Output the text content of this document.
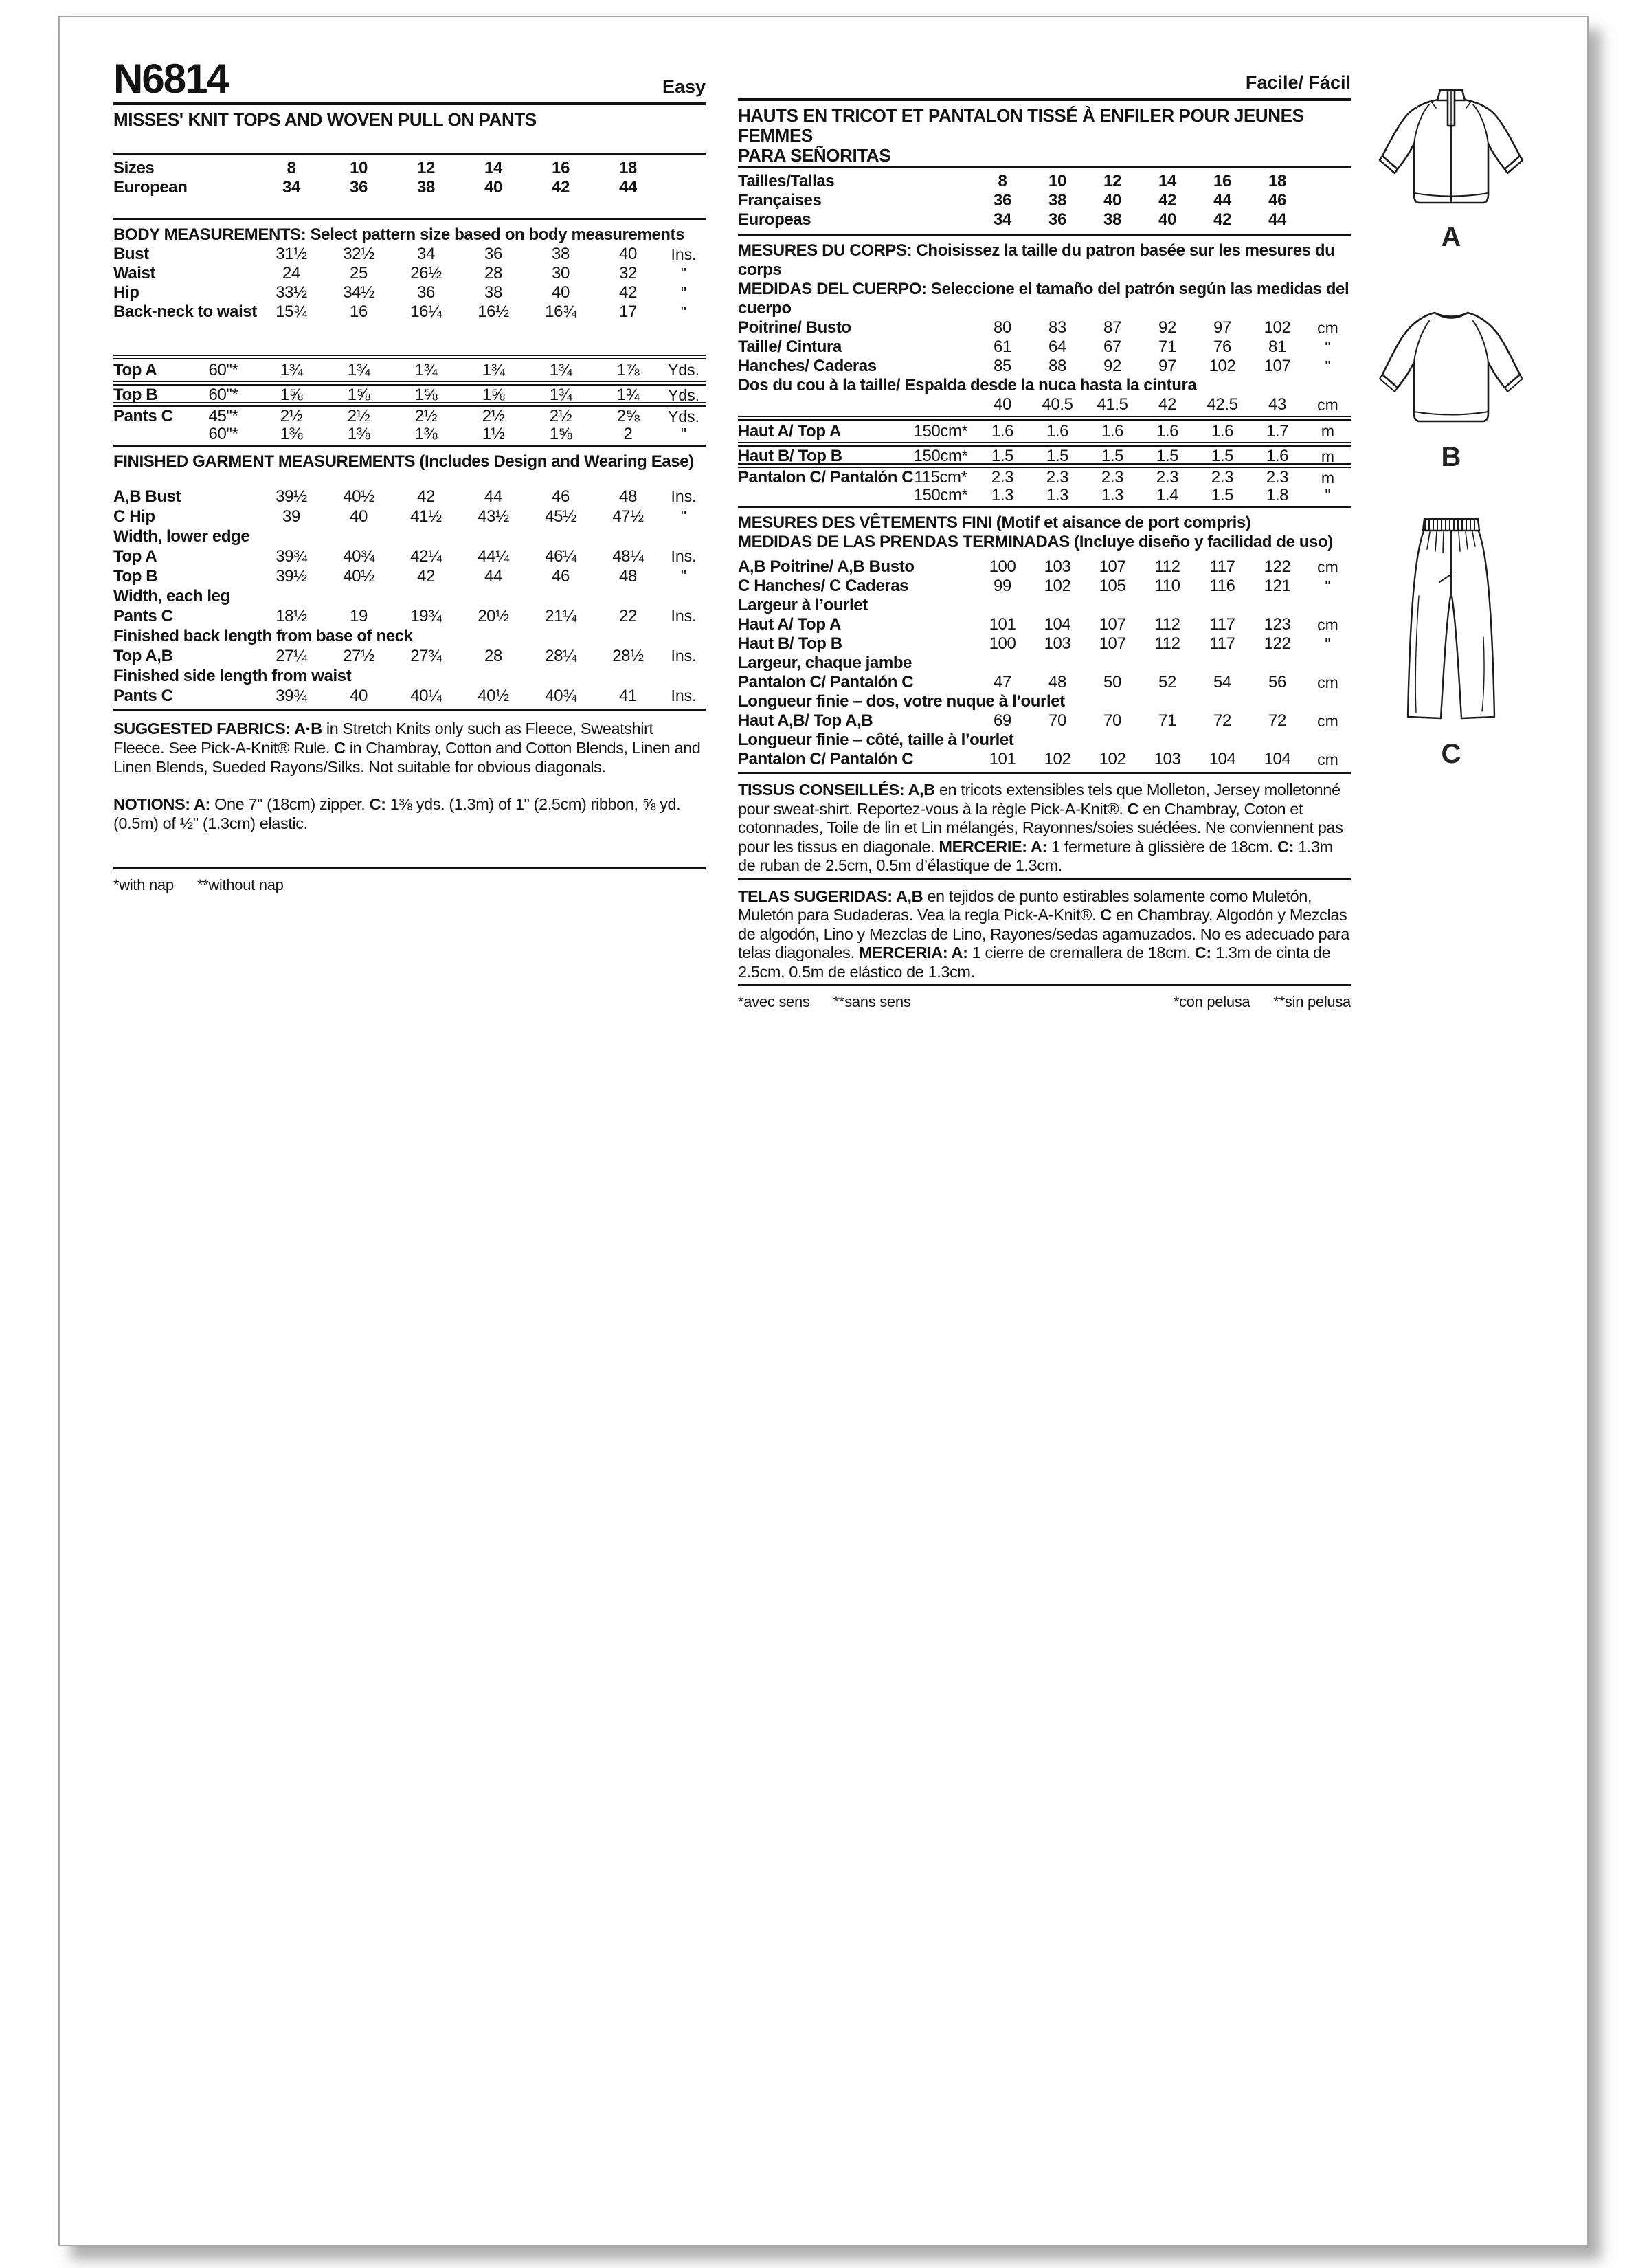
N6814	Easy
MISSES' KNIT TOPS AND WOVEN PULL ON PANTS
Sizes	8	10	12	14	16	18
European	34	36	38	40	42	44
BODY MEASUREMENTS: Select pattern size based on body measurements
Bust	31½	32½	34	36	38	40	Ins.
Waist	24	25	26½	28	30	32	"
Hip	33½	34½	36	38	40	42	"
Back-neck to waist	15¾	16	16¼	16½	16¾	17	"
Top A	60"*	1¾	1¾	1¾	1¾	1¾	1⅞	Yds.
Top B	60"*	1⅝	1⅝	1⅝	1⅝	1¾	1¾	Yds.
Pants C	45"*	2½	2½	2½	2½	2½	2⅝	Yds.
60"*	1⅜	1⅜	1⅜	1½	1⅝	2	"
FINISHED GARMENT MEASUREMENTS (Includes Design and Wearing Ease)
A,B Bust	39½	40½	42	44	46	48	Ins.
C Hip	39	40	41½	43½	45½	47½	"
Width, lower edge
Top A	39¾	40¾	42¼	44¼	46¼	48¼	Ins.
Top B	39½	40½	42	44	46	48	"
Width, each leg
Pants C	18½	19	19¾	20½	21¼	22	Ins.
Finished back length from base of neck
Top A,B	27¼	27½	27¾	28	28¼	28½	Ins.
Finished side length from waist
Pants C	39¾	40	40¼	40½	40¾	41	Ins.
SUGGESTED FABRICS: A·B in Stretch Knits only such as Fleece, Sweatshirt Fleece. See Pick-A-Knit® Rule. C in Chambray, Cotton and Cotton Blends, Linen and Linen Blends, Sueded Rayons/Silks. Not suitable for obvious diagonals.
NOTIONS: A: One 7" (18cm) zipper. C: 1⅜ yds. (1.3m) of 1" (2.5cm) ribbon, ⅝ yd. (0.5m) of ½" (1.3cm) elastic.
*with nap **without nap
Facile/ Fácil
HAUTS EN TRICOT ET PANTALON TISSÉ À ENFILER POUR JEUNES FEMMES
PARA SEÑORITAS
Tailles/Tallas	8	10	12	14	16	18
Françaises	36	38	40	42	44	46
Europeas	34	36	38	40	42	44
MESURES DU CORPS: Choisissez la taille du patron basée sur les mesures du corps
MEDIDAS DEL CUERPO: Seleccione el tamaño del patrón según las medidas del cuerpo
Poitrine/ Busto	80	83	87	92	97	102	cm
Taille/ Cintura	61	64	67	71	76	81	"
Hanches/ Caderas	85	88	92	97	102	107	"
Dos du cou à la taille/ Espalda desde la nuca hasta la cintura
40	40.5	41.5	42	42.5	43	cm
Haut A/ Top A	150cm*	1.6	1.6	1.6	1.6	1.6	1.7	m
Haut B/ Top B	150cm*	1.5	1.5	1.5	1.5	1.5	1.6	m
Pantalon C/ Pantalón C 115cm*	2.3	2.3	2.3	2.3	2.3	2.3	m
150cm*	1.3	1.3	1.3	1.4	1.5	1.8	"
MESURES DES VÊTEMENTS FINI (Motif et aisance de port compris)
MEDIDAS DE LAS PRENDAS TERMINADAS (Incluye diseño y facilidad de uso)
A,B Poitrine/ A,B Busto	100	103	107	112	117	122	cm
C Hanches/ C Caderas	99	102	105	110	116	121	"
Largeur à l’ourlet
Haut A/ Top A	101	104	107	112	117	123	cm
Haut B/ Top B	100	103	107	112	117	122	"
Largeur, chaque jambe
Pantalon C/ Pantalón C	47	48	50	52	54	56	cm
Longueur finie – dos, votre nuque à l’ourlet
Haut A,B/ Top A,B	69	70	70	71	72	72	cm
Longueur finie – côté, taille à l’ourlet
Pantalon C/ Pantalón C	101	102	102	103	104	104	cm
TISSUS CONSEILLÉS: A,B en tricots extensibles tels que Molleton, Jersey molletonné pour sweat-shirt. Reportez-vous à la règle Pick-A-Knit®. C en Chambray, Coton et cotonnades, Toile de lin et Lin mélangés, Rayonnes/soies suédées. Ne conviennent pas pour les tissus en diagonale. MERCERIE: A: 1 fermeture à glissière de 18cm. C: 1.3m de ruban de 2.5cm, 0.5m d’élastique de 1.3cm.
TELAS SUGERIDAS: A,B en tejidos de punto estirables solamente como Muletón, Muletón para Sudaderas. Vea la regla Pick-A-Knit®. C en Chambray, Algodón y Mezclas de algodón, Lino y Mezclas de Lino, Rayones/sedas agamuzados. No es adecuado para telas diagonales. MERCERIA: A: 1 cierre de cremallera de 18cm. C: 1.3m de cinta de 2.5cm, 0.5m de elástico de 1.3cm.
*avec sens **sans sens	*con pelusa **sin pelusa
A
B
C
